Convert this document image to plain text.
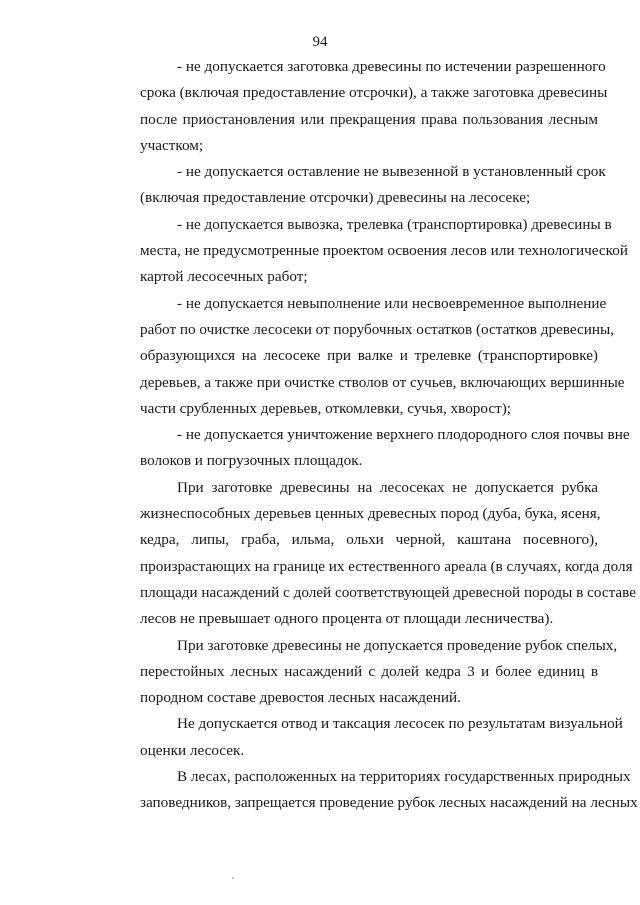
94
- не допускается заготовка древесины по истечении разрешенного
срока (включая предоставление отсрочки), а также заготовка древесины
после приостановления или прекращения права пользования лесным
участком;
- не допускается оставление не вывезенной в установленный срок
(включая предоставление отсрочки) древесины на лесосеке;
- не допускается вывозка, трелевка (транспортировка) древесины в
места, не предусмотренные проектом освоения лесов или технологической
картой лесосечных работ;
- не допускается невыполнение или несвоевременное выполнение
работ по очистке лесосеки от порубочных остатков (остатков древесины,
образующихся на лесосеке при валке и трелевке (транспортировке)
деревьев, а также при очистке стволов от сучьев, включающих вершинные
части срубленных деревьев, откомлевки, сучья, хворост);
- не допускается уничтожение верхнего плодородного слоя почвы вне
волоков и погрузочных площадок.
При заготовке древесины на лесосеках не допускается рубка
жизнеспособных деревьев ценных древесных пород (дуба, бука, ясеня,
кедра, липы, граба, ильма, ольхи черной, каштана посевного),
произрастающих на границе их естественного ареала (в случаях, когда доля
площади насаждений с долей соответствующей древесной породы в составе
лесов не превышает одного процента от площади лесничества).
При заготовке древесины не допускается проведение рубок спелых,
перестойных лесных насаждений с долей кедра 3 и более единиц в
породном составе древостоя лесных насаждений.
Не допускается отвод и таксация лесосек по результатам визуальной
оценки лесосек.
В лесах, расположенных на территориях государственных природных
заповедников, запрещается проведение рубок лесных насаждений на лесных
